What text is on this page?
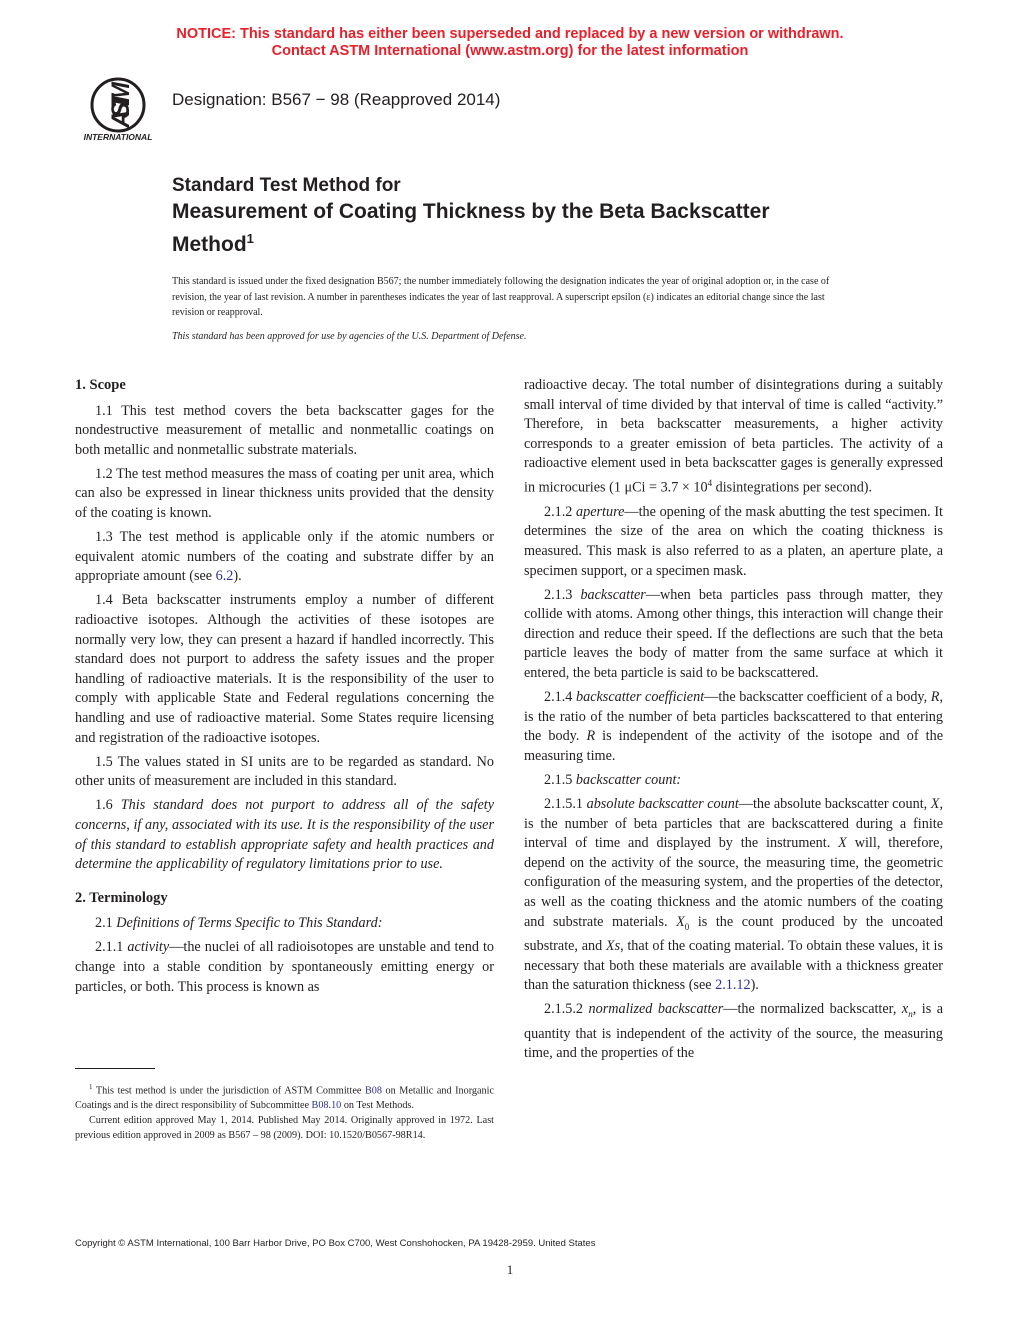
NOTICE: This standard has either been superseded and replaced by a new version or withdrawn.
Contact ASTM International (www.astm.org) for the latest information
ASTM
INTERNATIONAL
Designation: B567 − 98 (Reapproved 2014)
Standard Test Method for
Measurement of Coating Thickness by the Beta Backscatter
Method$^1$

This standard is issued under the fixed designation B567; the number immediately following the designation indicates the year of original adoption or, in the case of revision, the year of last revision. A number in parentheses indicates the year of last reapproval. A superscript epsilon (ε) indicates an editorial change since the last revision or reapproval.

This standard has been approved for use by agencies of the U.S. Department of Defense.

1. Scope

1.1 This test method covers the beta backscatter gages for the nondestructive measurement of metallic and nonmetallic coatings on both metallic and nonmetallic substrate materials.

1.2 The test method measures the mass of coating per unit area, which can also be expressed in linear thickness units provided that the density of the coating is known.

1.3 The test method is applicable only if the atomic numbers or equivalent atomic numbers of the coating and substrate differ by an appropriate amount (see 6.2).

1.4 Beta backscatter instruments employ a number of different radioactive isotopes. Although the activities of these isotopes are normally very low, they can present a hazard if handled incorrectly. This standard does not purport to address the safety issues and the proper handling of radioactive materials. It is the responsibility of the user to comply with applicable State and Federal regulations concerning the handling and use of radioactive material. Some States require licensing and registration of the radioactive isotopes.

1.5 The values stated in SI units are to be regarded as standard. No other units of measurement are included in this standard.

1.6 This standard does not purport to address all of the safety concerns, if any, associated with its use. It is the responsibility of the user of this standard to establish appropriate safety and health practices and determine the applicability of regulatory limitations prior to use.

2. Terminology

2.1 Definitions of Terms Specific to This Standard:

2.1.1 activity—the nuclei of all radioisotopes are unstable and tend to change into a stable condition by spontaneously emitting energy or particles, or both. This process is known as

radioactive decay. The total number of disintegrations during a suitably small interval of time divided by that interval of time is called “activity.” Therefore, in beta backscatter measurements, a higher activity corresponds to a greater emission of beta particles. The activity of a radioactive element used in beta backscatter gages is generally expressed in microcuries (1 $\mu Ci = 3.7 \times 10^4$ disintegrations per second).

2.1.2 aperture—the opening of the mask abutting the test specimen. It determines the size of the area on which the coating thickness is measured. This mask is also referred to as a platen, an aperture plate, a specimen support, or a specimen mask.

2.1.3 backscatter—when beta particles pass through matter, they collide with atoms. Among other things, this interaction will change their direction and reduce their speed. If the deflections are such that the beta particle leaves the body of matter from the same surface at which it entered, the beta particle is said to be backscattered.

2.1.4 backscatter coefficient—the backscatter coefficient of a body, R, is the ratio of the number of beta particles backscattered to that entering the body. R is independent of the activity of the isotope and of the measuring time.

2.1.5 backscatter count:

2.1.5.1 absolute backscatter count—the absolute backscatter count, X, is the number of beta particles that are backscattered during a finite interval of time and displayed by the instrument. X will, therefore, depend on the activity of the source, the measuring time, the geometric configuration of the measuring system, and the properties of the detector, as well as the coating thickness and the atomic numbers of the coating and substrate materials. $X_0$ is the count produced by the uncoated substrate, and Xs, that of the coating material. To obtain these values, it is necessary that both these materials are available with a thickness greater than the saturation thickness (see 2.1.12).

2.1.5.2 normalized backscatter—the normalized backscatter, $x_n$, is a quantity that is independent of the activity of the source, the measuring time, and the properties of the

$^1$ This test method is under the jurisdiction of ASTM Committee B08 on Metallic and Inorganic Coatings and is the direct responsibility of Subcommittee B08.10 on Test Methods.

Current edition approved May 1, 2014. Published May 2014. Originally approved in 1972. Last previous edition approved in 2009 as B567 – 98 (2009). DOI: 10.1520/B0567-98R14.

Copyright © ASTM International, 100 Barr Harbor Drive, PO Box C700, West Conshohocken, PA 19428-2959. United States
1
